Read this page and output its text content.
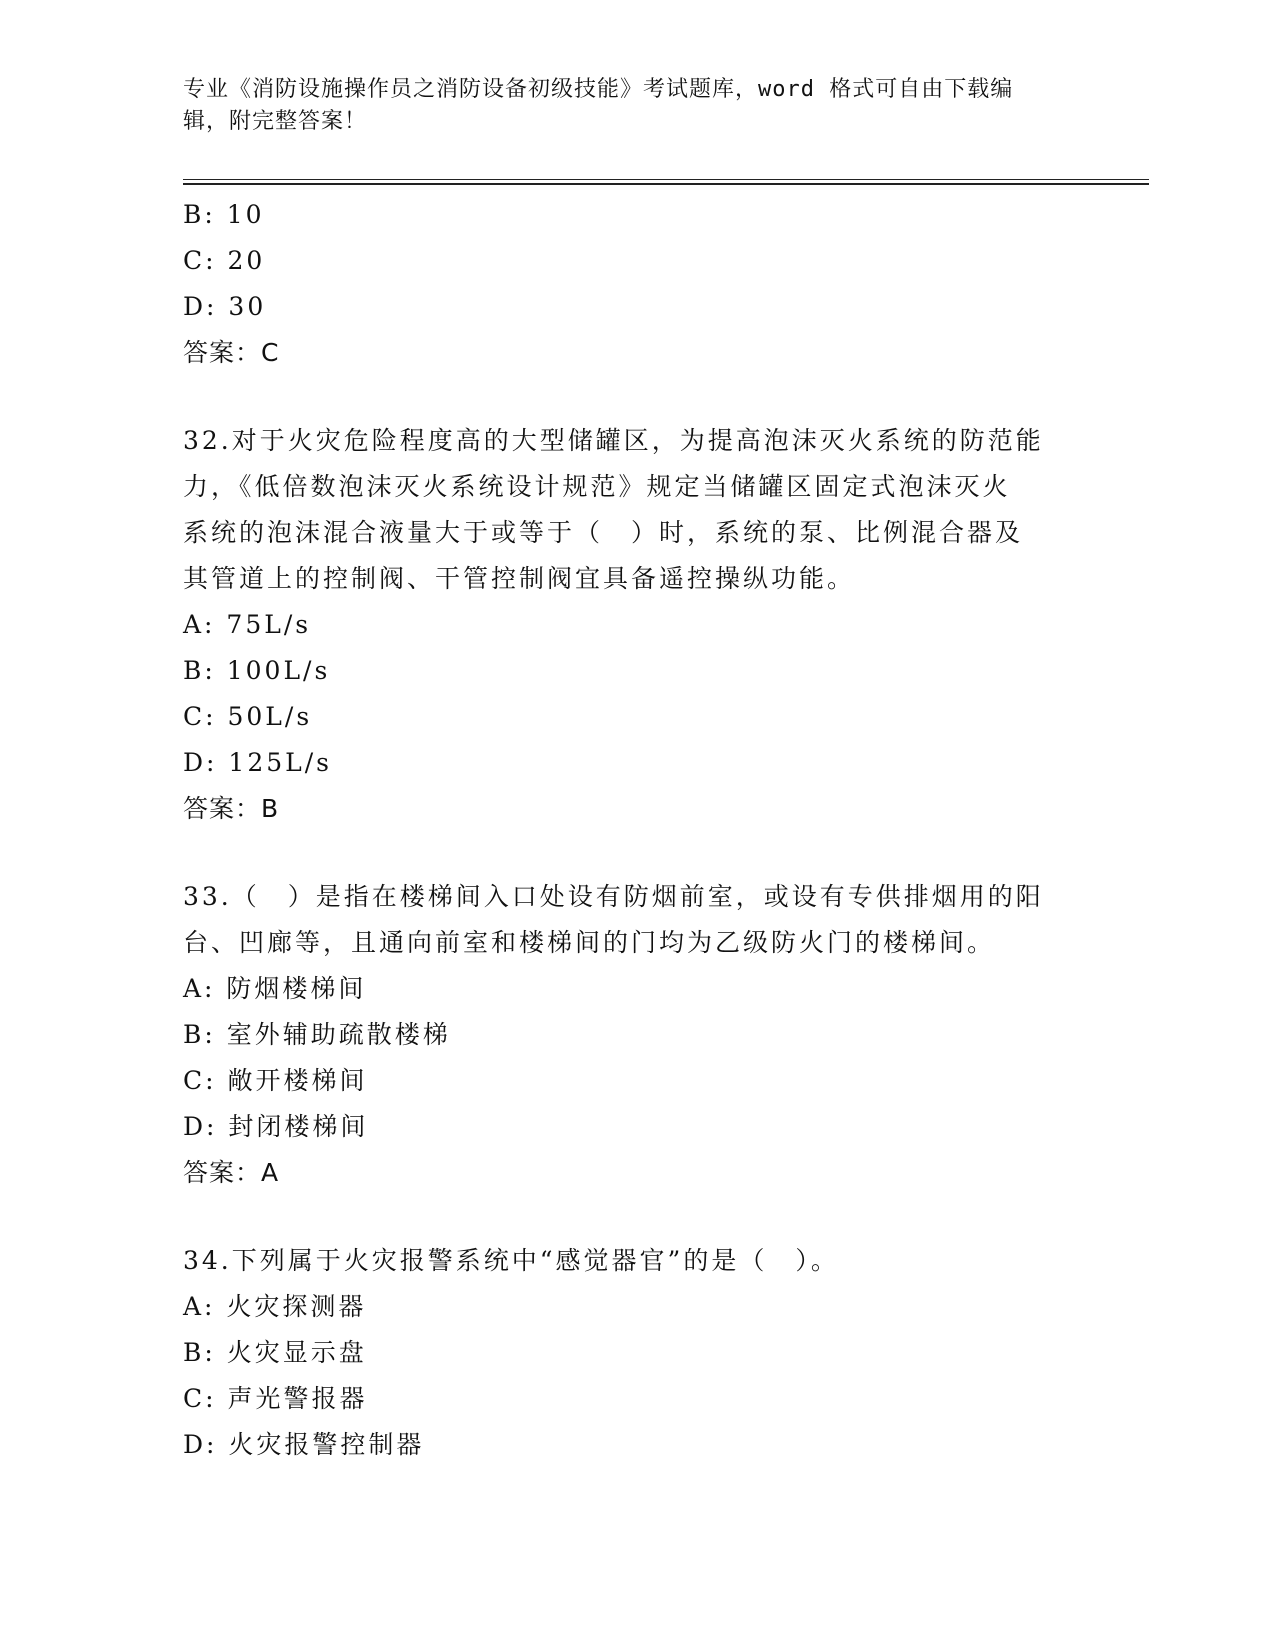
专业《消防设施操作员之消防设备初级技能》考试题库，word 格式可自由下载编
辑，附完整答案！
B: 10
C: 20
D: 30
答案：C
32.对于火灾危险程度高的大型储罐区，为提高泡沫灭火系统的防范能
力，《低倍数泡沫灭火系统设计规范》规定当储罐区固定式泡沫灭火
系统的泡沫混合液量大于或等于（　）时，系统的泵、比例混合器及
其管道上的控制阀、干管控制阀宜具备遥控操纵功能。
A: 75L/s
B: 100L/s
C: 50L/s
D: 125L/s
答案：B
33.（　）是指在楼梯间入口处设有防烟前室，或设有专供排烟用的阳
台、凹廊等，且通向前室和楼梯间的门均为乙级防火门的楼梯间。
A: 防烟楼梯间
B: 室外辅助疏散楼梯
C: 敞开楼梯间
D: 封闭楼梯间
答案：A
34.下列属于火灾报警系统中“感觉器官”的是（　）。
A: 火灾探测器
B: 火灾显示盘
C: 声光警报器
D: 火灾报警控制器
